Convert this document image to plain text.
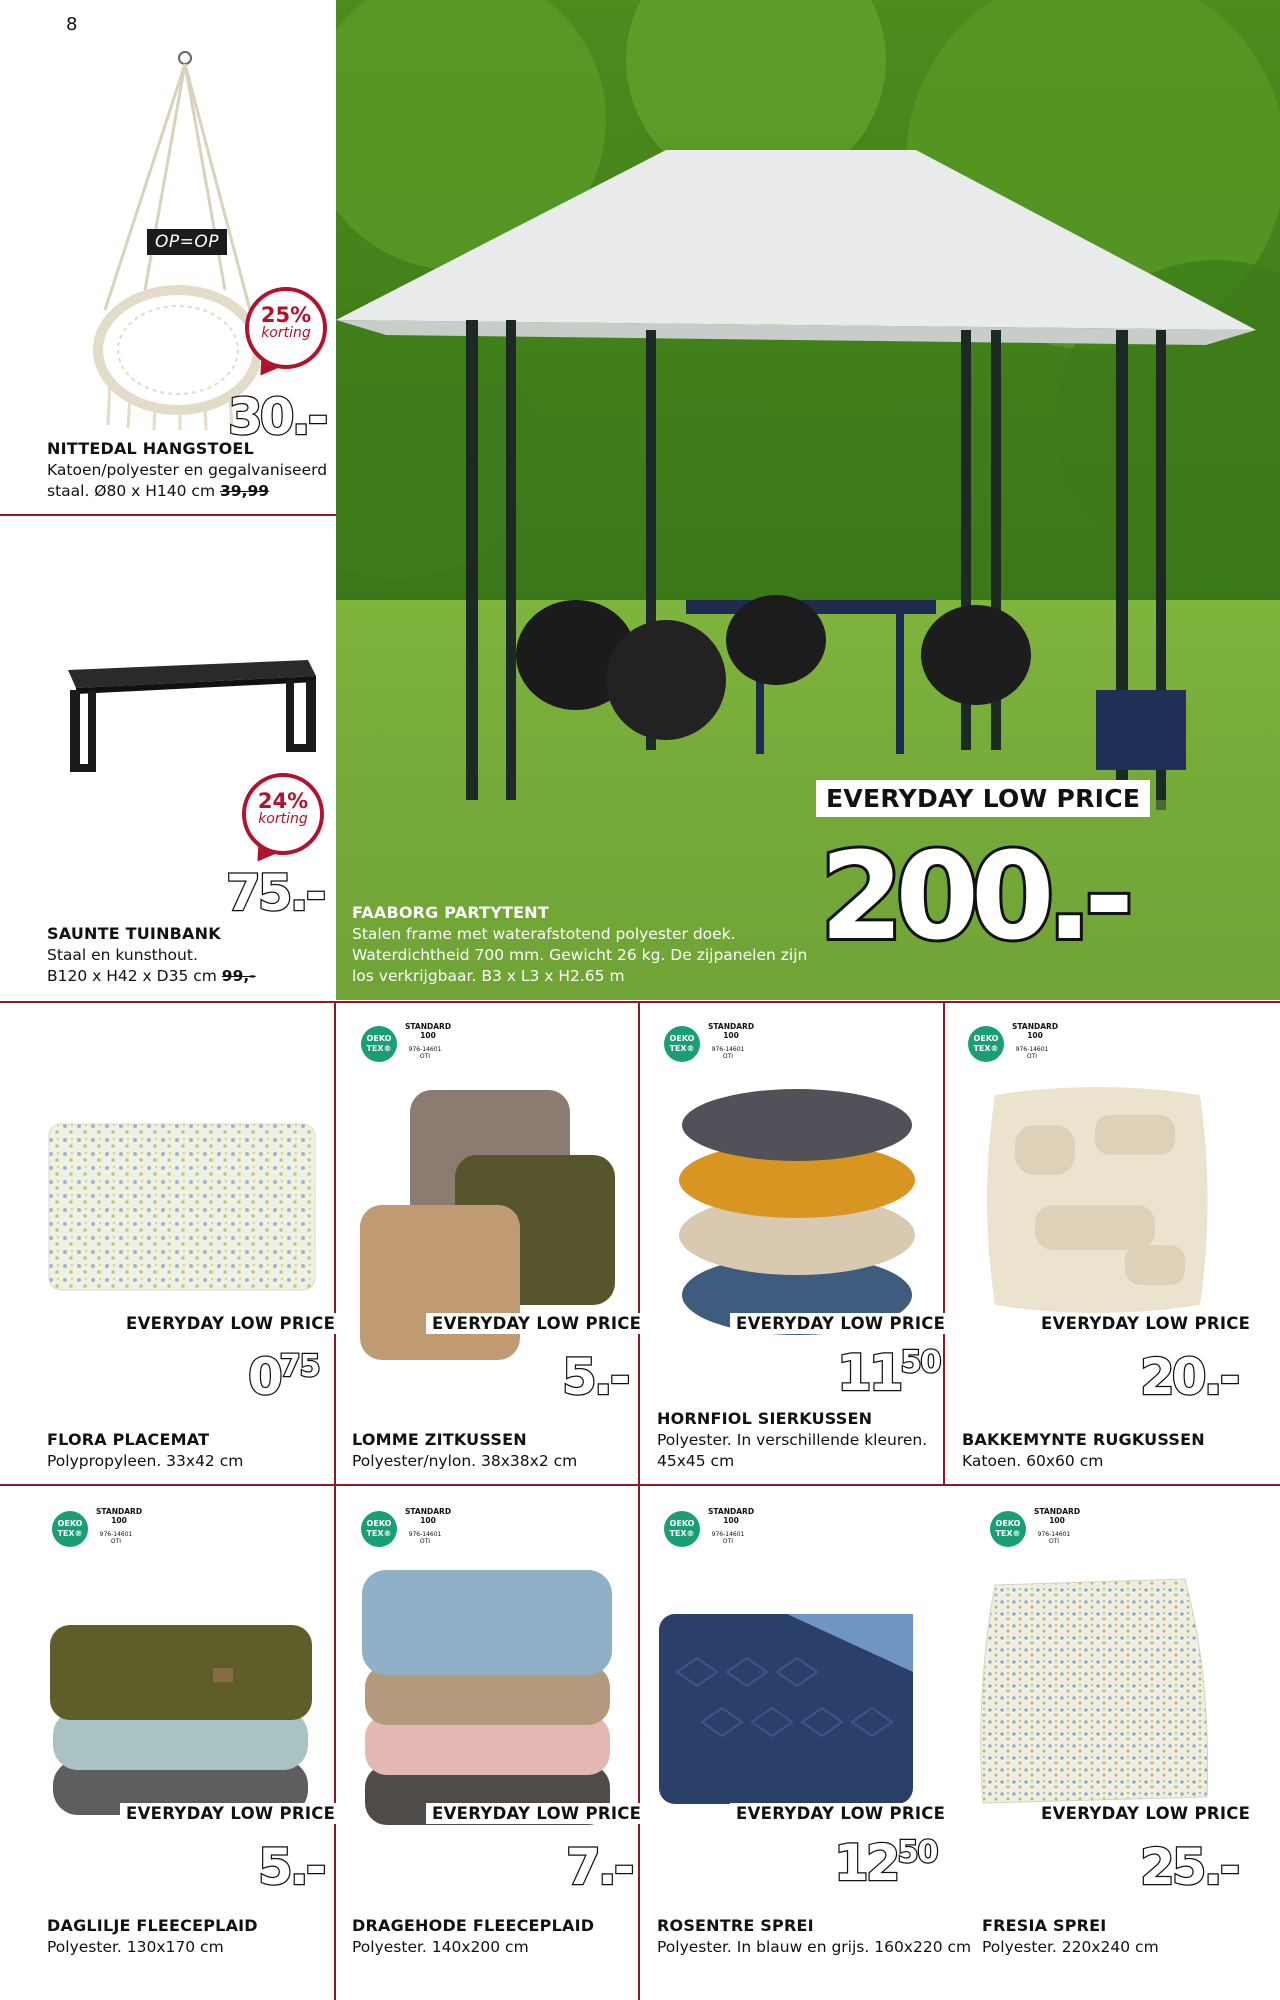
8
OP=OP
25%
korting
30.-
NITTEDAL HANGSTOEL
Katoen/polyester en gegalvaniseerd
staal. Ø80 x H140 cm 39,99
24%
korting
75.-
SAUNTE TUINBANK
Staal en kunsthout.
B120 x H42 x D35 cm 99,-
EVERYDAY LOW PRICE
200.-
FAABORG PARTYTENT
Stalen frame met waterafstotend polyester doek.
Waterdichtheid 700 mm. Gewicht 26 kg. De zijpanelen zijn
los verkrijgbaar. B3 x L3 x H2.65 m
OEKO TEX®
STANDARD
100
976-14601 OTI
OEKO TEX®
STANDARD
100
976-14601 OTI
OEKO TEX®
STANDARD
100
976-14601 OTI
EVERYDAY LOW PRICE	EVERYDAY LOW PRICE	EVERYDAY LOW PRICE	EVERYDAY LOW PRICE
$0^{75}$	5.-	$11^{50}$	20.-
FLORA PLACEMAT
Polypropyleen. 33x42 cm
LOMME ZITKUSSEN
Polyester/nylon. 38x38x2 cm
HORNFIOL SIERKUSSEN
Polyester. In verschillende kleuren.
45x45 cm
BAKKEMYNTE RUGKUSSEN
Katoen. 60x60 cm
OEKO TEX®
STANDARD
100
976-14601 OTI
OEKO TEX®
STANDARD
100
976-14601 OTI
OEKO TEX®
STANDARD
100
976-14601 OTI
OEKO TEX®
STANDARD
100
976-14601 OTI
EVERYDAY LOW PRICE	EVERYDAY LOW PRICE	EVERYDAY LOW PRICE	EVERYDAY LOW PRICE
5.-	7.-	$12^{50}$	25.-
DAGLILJE FLEECEPLAID
Polyester. 130x170 cm
DRAGEHODE FLEECEPLAID
Polyester. 140x200 cm
ROSENTRE SPREI
Polyester. In blauw en grijs. 160x220 cm
FRESIA SPREI
Polyester. 220x240 cm
